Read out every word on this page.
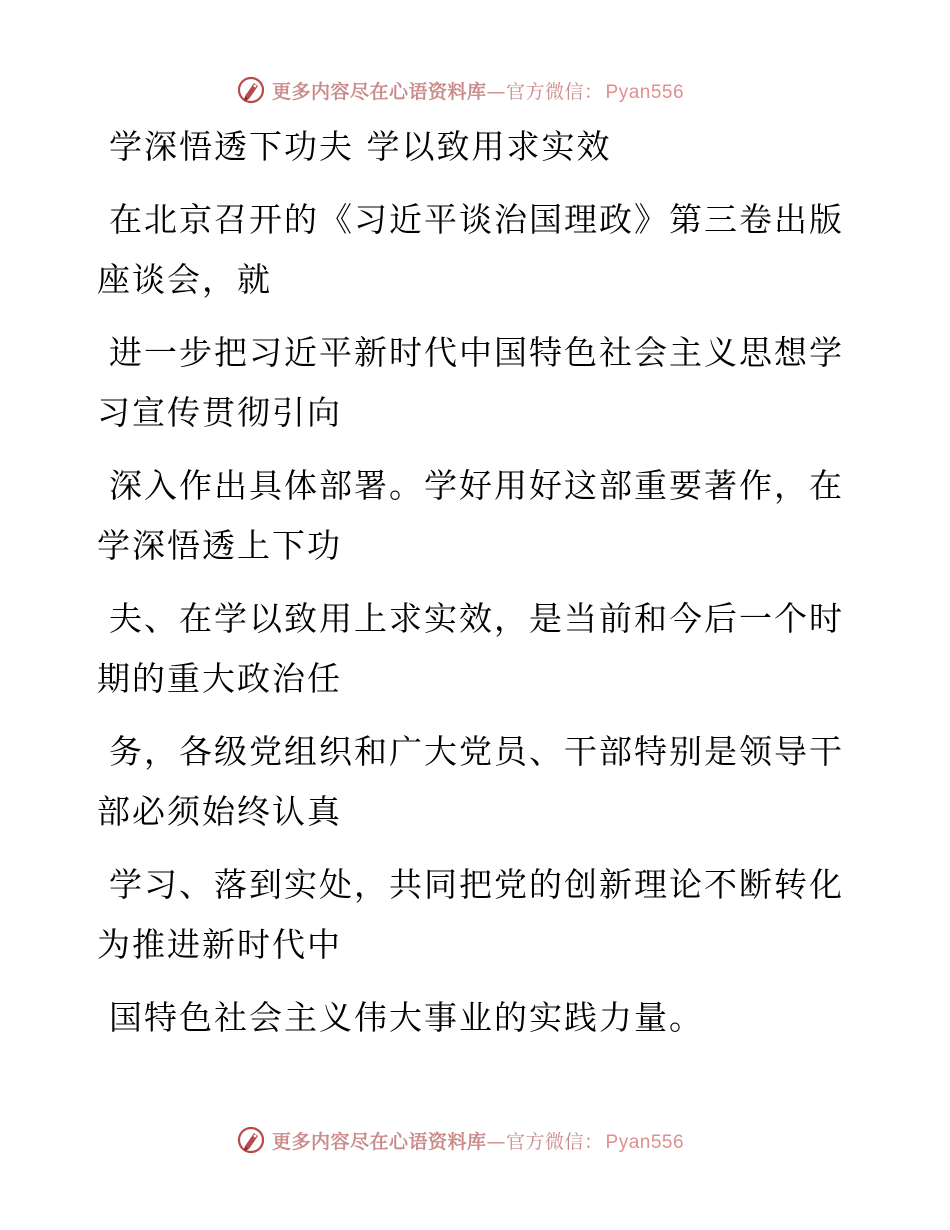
更多内容尽在心语资料库—官方微信： Pyan556
学深悟透下功夫 学以致用求实效
在北京召开的《习近平谈治国理政》第三卷出版
座谈会，就
进一步把习近平新时代中国特色社会主义思想学
习宣传贯彻引向
深入作出具体部署。学好用好这部重要著作，在
学深悟透上下功
夫、在学以致用上求实效，是当前和今后一个时
期的重大政治任
务，各级党组织和广大党员、干部特别是领导干
部必须始终认真
学习、落到实处，共同把党的创新理论不断转化
为推进新时代中
国特色社会主义伟大事业的实践力量。
更多内容尽在心语资料库—官方微信： Pyan556
